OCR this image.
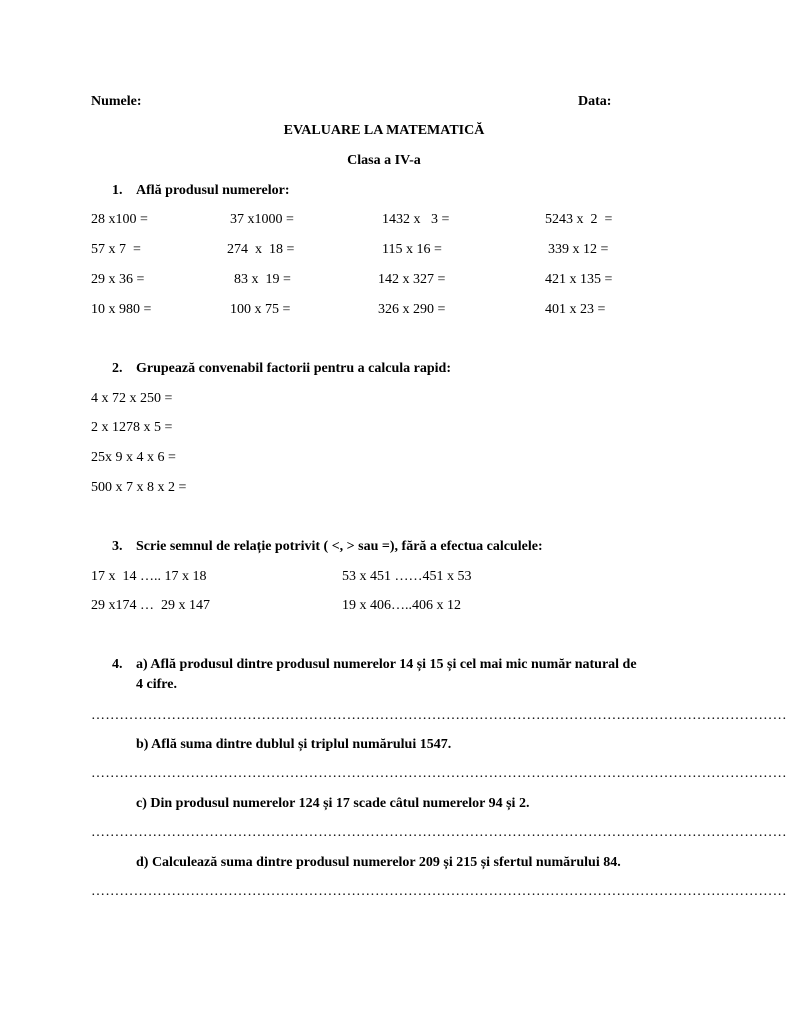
Numele:	Data:
EVALUARE LA MATEMATICĂ
Clasa a IV-a
1. Află produsul numerelor:
28 x100 =	37 x1000 =	1432 x   3 =	5243 x  2  =
57 x 7  =	274  x  18 =	115 x 16 =	339 x 12 =
29 x 36 =	83 x  19 =	142 x 327 =	421 x 135 =
10 x 980 =	100 x 75 =	326 x 290 =	401 x 23 =
2. Grupează convenabil factorii pentru a calcula rapid:
4 x 72 x 250 =
2 x 1278 x 5 =
25x 9 x 4 x 6 =
500 x 7 x 8 x 2 =
3. Scrie semnul de relație potrivit ( <, > sau =), fără a efectua calculele:
17 x  14 ….. 17 x 18	53 x 451 ……451 x 53
29 x174 …  29 x 147	19 x 406…..406 x 12
4. a) Află produsul dintre produsul numerelor 14 și 15 și cel mai mic număr natural de
4 cifre.
…………………………………………………………………………………………………………………………………
b) Află suma dintre dublul și triplul numărului 1547.
…………………………………………………………………………………………………………………………………
c) Din produsul numerelor 124 și 17 scade câtul numerelor 94 și 2.
…………………………………………………………………………………………………………………………………
d) Calculează suma dintre produsul numerelor 209 și 215 și sfertul numărului 84.
…………………………………………………………………………………………………………………………………
